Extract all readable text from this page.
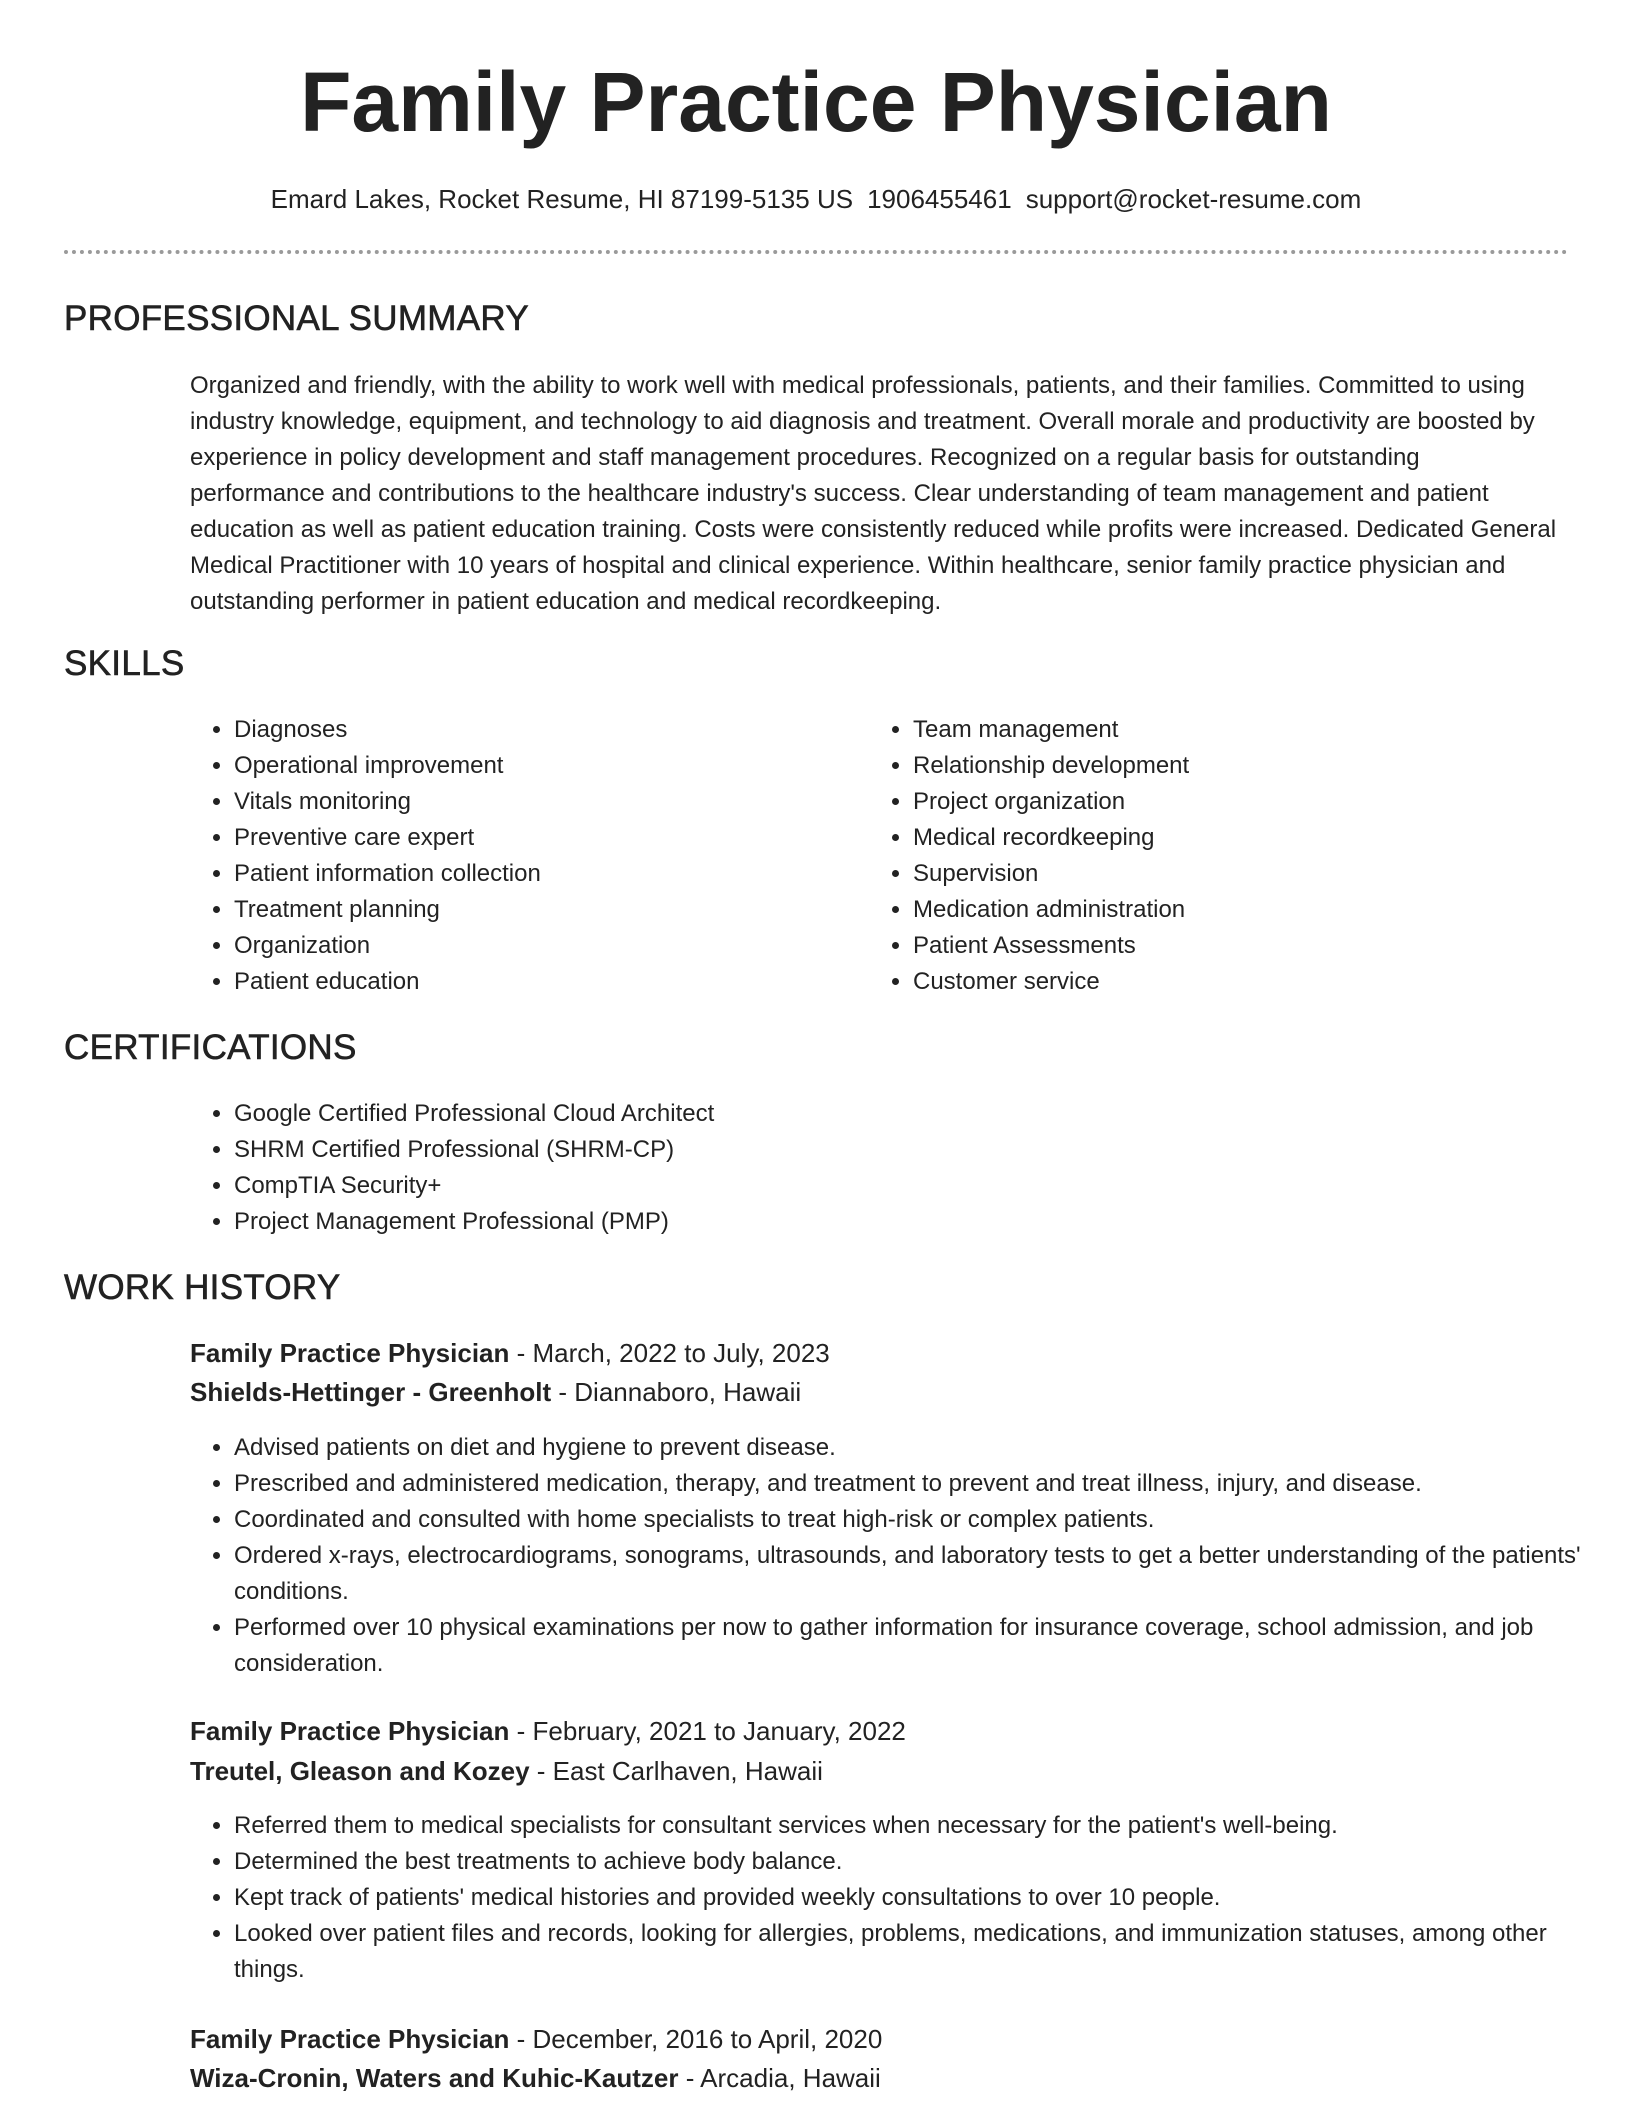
Family Practice Physician
Emard Lakes, Rocket Resume, HI 87199-5135 US 1906455461 support@rocket-resume.com
PROFESSIONAL SUMMARY
Organized and friendly, with the ability to work well with medical professionals, patients, and their families. Committed to using industry knowledge, equipment, and technology to aid diagnosis and treatment. Overall morale and productivity are boosted by experience in policy development and staff management procedures. Recognized on a regular basis for outstanding performance and contributions to the healthcare industry's success. Clear understanding of team management and patient education as well as patient education training. Costs were consistently reduced while profits were increased. Dedicated General Medical Practitioner with 10 years of hospital and clinical experience. Within healthcare, senior family practice physician and outstanding performer in patient education and medical recordkeeping.
SKILLS
• Diagnoses
• Operational improvement
• Vitals monitoring
• Preventive care expert
• Patient information collection
• Treatment planning
• Organization
• Patient education
• Team management
• Relationship development
• Project organization
• Medical recordkeeping
• Supervision
• Medication administration
• Patient Assessments
• Customer service
CERTIFICATIONS
• Google Certified Professional Cloud Architect
• SHRM Certified Professional (SHRM-CP)
• CompTIA Security+
• Project Management Professional (PMP)
WORK HISTORY
Family Practice Physician - March, 2022 to July, 2023
Shields-Hettinger - Greenholt - Diannaboro, Hawaii
• Advised patients on diet and hygiene to prevent disease.
• Prescribed and administered medication, therapy, and treatment to prevent and treat illness, injury, and disease.
• Coordinated and consulted with home specialists to treat high-risk or complex patients.
• Ordered x-rays, electrocardiograms, sonograms, ultrasounds, and laboratory tests to get a better understanding of the patients' conditions.
• Performed over 10 physical examinations per now to gather information for insurance coverage, school admission, and job consideration.
Family Practice Physician - February, 2021 to January, 2022
Treutel, Gleason and Kozey - East Carlhaven, Hawaii
• Referred them to medical specialists for consultant services when necessary for the patient's well-being.
• Determined the best treatments to achieve body balance.
• Kept track of patients' medical histories and provided weekly consultations to over 10 people.
• Looked over patient files and records, looking for allergies, problems, medications, and immunization statuses, among other things.
Family Practice Physician - December, 2016 to April, 2020
Wiza-Cronin, Waters and Kuhic-Kautzer - Arcadia, Hawaii
